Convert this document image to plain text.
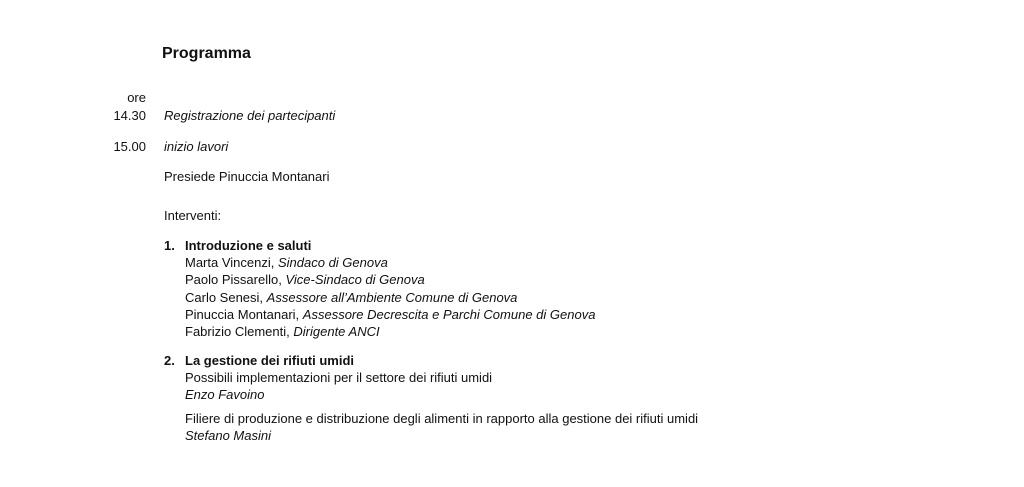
Programma
ore
14.30 Registrazione dei partecipanti
15.00 inizio lavori
Presiede Pinuccia Montanari
Interventi:
1. Introduzione e saluti
Marta Vincenzi, Sindaco di Genova
Paolo Pissarello, Vice-Sindaco di Genova
Carlo Senesi, Assessore all’Ambiente Comune di Genova
Pinuccia Montanari, Assessore Decrescita e Parchi Comune di Genova
Fabrizio Clementi, Dirigente ANCI
2. La gestione dei rifiuti umidi
Possibili implementazioni per il settore dei rifiuti umidi
Enzo Favoino
Filiere di produzione e distribuzione degli alimenti in rapporto alla gestione dei rifiuti umidi
Stefano Masini
